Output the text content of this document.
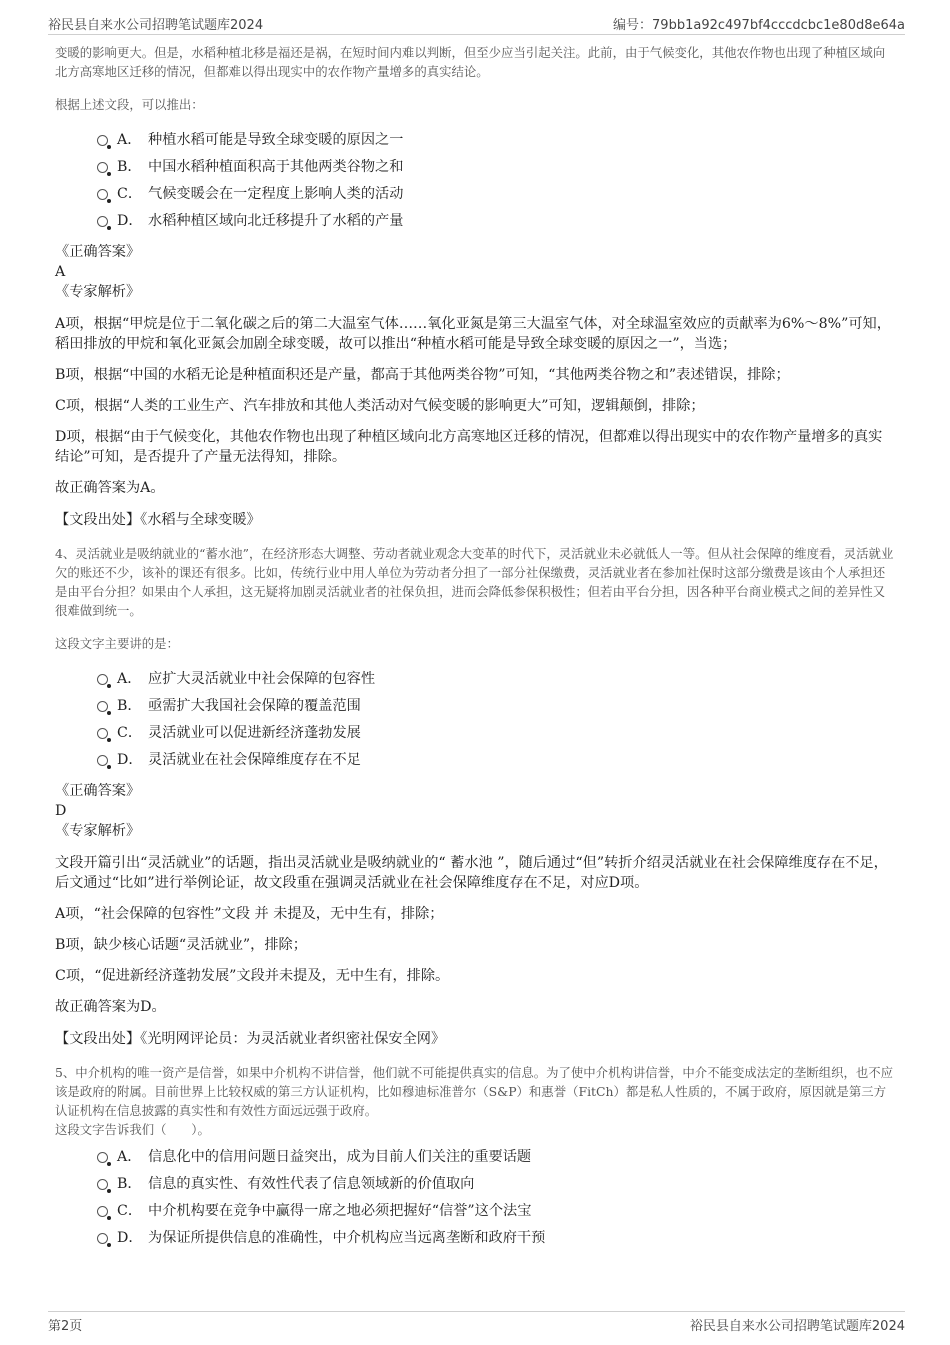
裕民县自来水公司招聘笔试题库2024	编号：79bb1a92c497bf4cccdcbc1e80d8e64a

变暖的影响更大。但是，水稻种植北移是福还是祸，在短时间内难以判断，但至少应当引起关注。此前，由于气候变化，其他农作物也出现了种植区域向北方高寒地区迁移的情况，但都难以得出现实中的农作物产量增多的真实结论。

根据上述文段，可以推出：

A． 种植水稻可能是导致全球变暖的原因之一
B． 中国水稻种植面积高于其他两类谷物之和
C． 气候变暖会在一定程度上影响人类的活动
D． 水稻种植区域向北迁移提升了水稻的产量

《正确答案》

A

《专家解析》

A项，根据“甲烷是位于二氧化碳之后的第二大温室气体……氧化亚氮是第三大温室气体，对全球温室效应的贡献率为6%～8%”可知，稻田排放的甲烷和氧化亚氮会加剧全球变暖，故可以推出“种植水稻可能是导致全球变暖的原因之一”，当选；

B项，根据“中国的水稻无论是种植面积还是产量，都高于其他两类谷物”可知，“其他两类谷物之和”表述错误，排除；

C项，根据“人类的工业生产、汽车排放和其他人类活动对气候变暖的影响更大”可知，逻辑颠倒，排除；

D项，根据“由于气候变化，其他农作物也出现了种植区域向北方高寒地区迁移的情况，但都难以得出现实中的农作物产量增多的真实结论”可知，是否提升了产量无法得知，排除。

故正确答案为A。

【文段出处】《水稻与全球变暖》

4、灵活就业是吸纳就业的“蓄水池”，在经济形态大调整、劳动者就业观念大变革的时代下，灵活就业未必就低人一等。但从社会保障的维度看，灵活就业欠的账还不少，该补的课还有很多。比如，传统行业中用人单位为劳动者分担了一部分社保缴费，灵活就业者在参加社保时这部分缴费是该由个人承担还是由平台分担？如果由个人承担，这无疑将加剧灵活就业者的社保负担，进而会降低参保积极性；但若由平台分担，因各种平台商业模式之间的差异性又很难做到统一。

这段文字主要讲的是：

A． 应扩大灵活就业中社会保障的包容性
B． 亟需扩大我国社会保障的覆盖范围
C． 灵活就业可以促进新经济蓬勃发展
D． 灵活就业在社会保障维度存在不足

《正确答案》

D

《专家解析》

文段开篇引出“灵活就业”的话题，指出灵活就业是吸纳就业的“ 蓄水池 ”，随后通过“但”转折介绍灵活就业在社会保障维度存在不足，后文通过“比如”进行举例论证，故文段重在强调灵活就业在社会保障维度存在不足，对应D项。

A项，“社会保障的包容性”文段 并 未提及，无中生有，排除；

B项，缺少核心话题“灵活就业”，排除；

C项，“促进新经济蓬勃发展”文段并未提及，无中生有，排除。

故正确答案为D。

【文段出处】《光明网评论员：为灵活就业者织密社保安全网》

5、中介机构的唯一资产是信誉，如果中介机构不讲信誉，他们就不可能提供真实的信息。为了使中介机构讲信誉，中介不能变成法定的垄断组织，也不应该是政府的附属。目前世界上比较权威的第三方认证机构，比如穆迪标准普尔（S&P）和惠誉（FitCh）都是私人性质的，不属于政府，原因就是第三方认证机构在信息披露的真实性和有效性方面远远强于政府。

这段文字告诉我们（　　）。

A． 信息化中的信用问题日益突出，成为目前人们关注的重要话题
B． 信息的真实性、有效性代表了信息领域新的价值取向
C． 中介机构要在竞争中赢得一席之地必须把握好“信誉”这个法宝
D． 为保证所提供信息的准确性，中介机构应当远离垄断和政府干预
第2页	裕民县自来水公司招聘笔试题库2024
